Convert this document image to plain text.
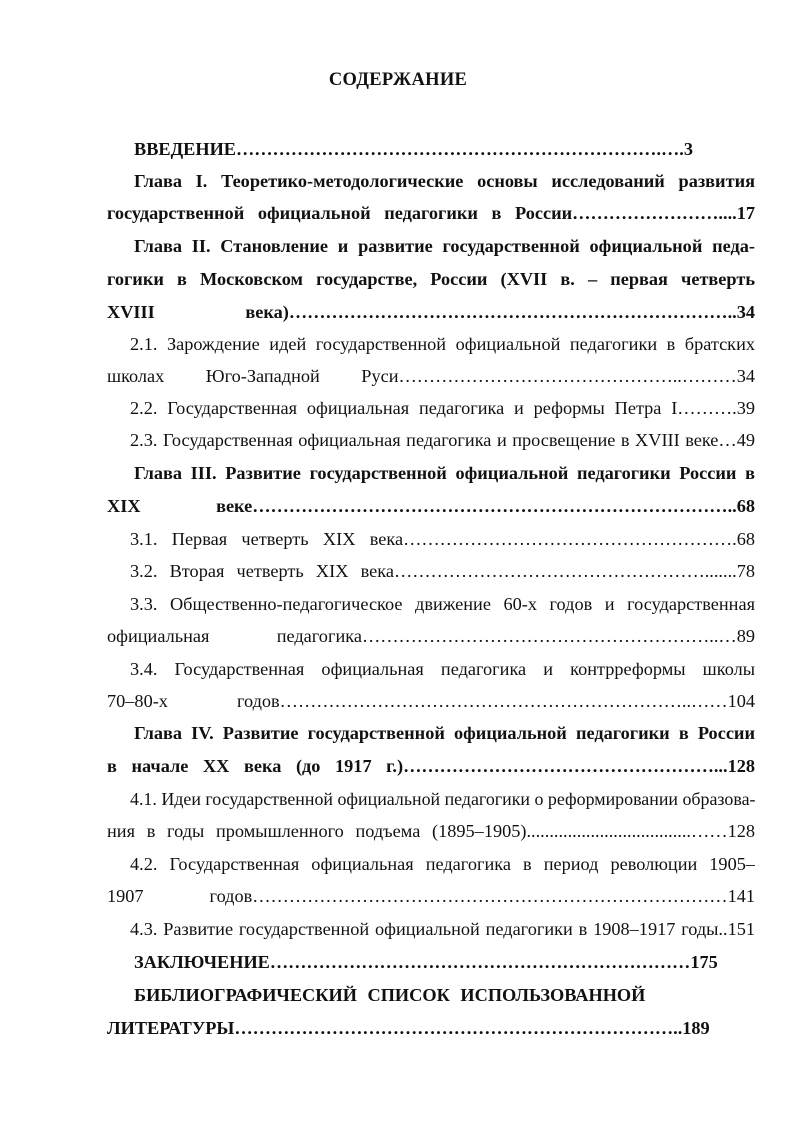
СОДЕРЖАНИЕ
ВВЕДЕНИЕ…………………………………………………………….….3
Глава I. Теоретико-методологические основы исследований развития
государственной официальной педагогики в России……………………....17
Глава II. Становление и развитие государственной официальной педа-
гогики в Московском государстве, России (XVII в. – первая четверть
XVIII века)………………………………………………………………..34
2.1. Зарождение идей государственной официальной педагогики в братских
школах Юго-Западной Руси………………………………………..………34
2.2. Государственная официальная педагогика и реформы Петра I……….39
2.3. Государственная официальная педагогика и просвещение в XVIII веке…49
Глава III. Развитие государственной официальной педагогики России в
XIX веке……………………………………………………………………..68
3.1. Первая четверть XIX века……………………………………………….68
3.2. Вторая четверть XIX века…………………………………………….......78
3.3. Общественно-педагогическое движение 60-х годов и государственная
официальная педагогика…………………………………………………..…89
3.4. Государственная официальная педагогика и контрреформы школы
70–80-х годов…………………………………………………………..……104
Глава IV. Развитие государственной официальной педагогики в России
в начале XX века (до 1917 г.)……………………………………………...128
4.1. Идеи государственной официальной педагогики о реформировании образова-
ния в годы промышленного подъема (1895–1905)....................................……128
4.2. Государственная официальная педагогика в период революции 1905–
1907 годов……………………………………………………………………141
4.3. Развитие государственной официальной педагогики в 1908–1917 годы..151
ЗАКЛЮЧЕНИЕ……………………………………………………………175
БИБЛИОГРАФИЧЕСКИЙ СПИСОК ИСПОЛЬЗОВАННОЙ
ЛИТЕРАТУРЫ………………………………………………………………..189
